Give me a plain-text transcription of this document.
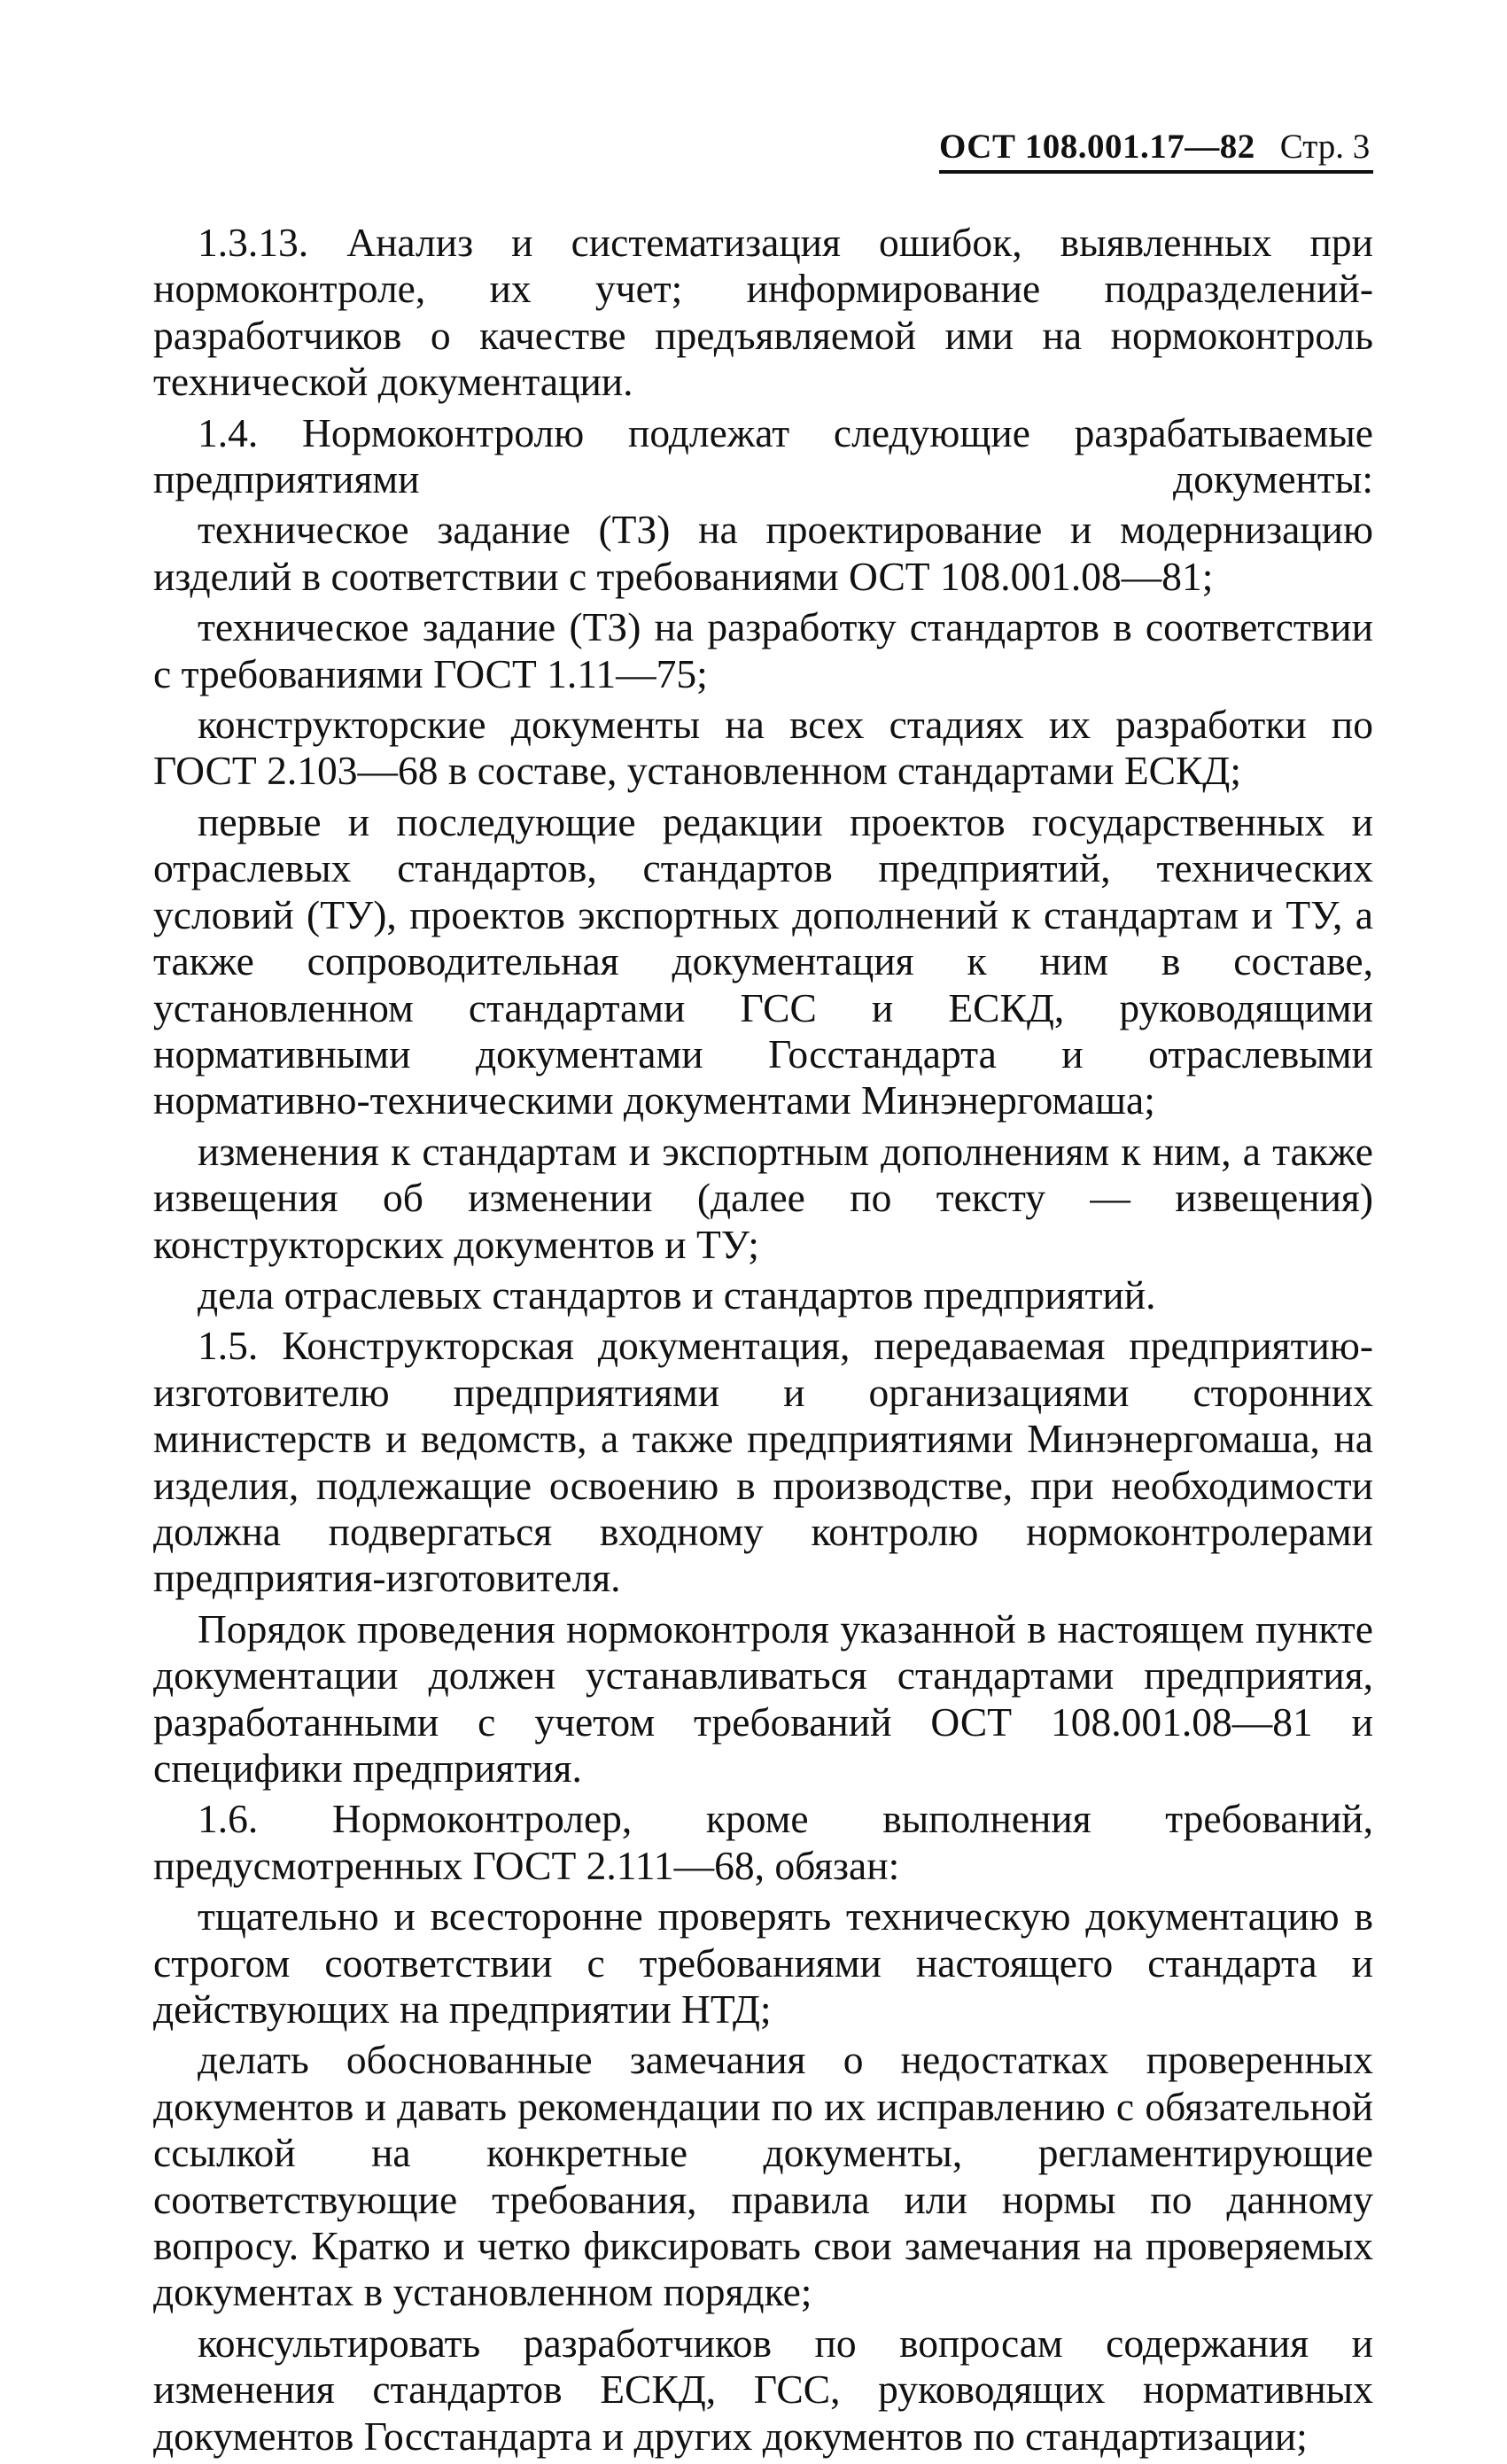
ОСТ 108.001.17—82 Стр. 3

1.3.13. Анализ и систематизация ошибок, выявленных при нормоконтроле, их учет; информирование подразделений-разработчиков о качестве предъявляемой ими на нормоконтроль технической документации.

1.4. Нормоконтролю подлежат следующие разрабатываемые предприятиями документы:

техническое задание (ТЗ) на проектирование и модернизацию изделий в соответствии с требованиями ОСТ 108.001.08—81;

техническое задание (ТЗ) на разработку стандартов в соответствии с требованиями ГОСТ 1.11—75;

конструкторские документы на всех стадиях их разработки по ГОСТ 2.103—68 в составе, установленном стандартами ЕСКД;

первые и последующие редакции проектов государственных и отраслевых стандартов, стандартов предприятий, технических условий (ТУ), проектов экспортных дополнений к стандартам и ТУ, а также сопроводительная документация к ним в составе, установленном стандартами ГСС и ЕСКД, руководящими нормативными документами Госстандарта и отраслевыми нормативно-техническими документами Минэнергомаша;

изменения к стандартам и экспортным дополнениям к ним, а также извещения об изменении (далее по тексту — извещения) конструкторских документов и ТУ;

дела отраслевых стандартов и стандартов предприятий.

1.5. Конструкторская документация, передаваемая предприятию-изготовителю предприятиями и организациями сторонних министерств и ведомств, а также предприятиями Минэнергомаша, на изделия, подлежащие освоению в производстве, при необходимости должна подвергаться входному контролю нормоконтролерами предприятия-изготовителя.

Порядок проведения нормоконтроля указанной в настоящем пункте документации должен устанавливаться стандартами предприятия, разработанными с учетом требований ОСТ 108.001.08—81 и специфики предприятия.

1.6. Нормоконтролер, кроме выполнения требований, предусмотренных ГОСТ 2.111—68, обязан:

тщательно и всесторонне проверять техническую документацию в строгом соответствии с требованиями настоящего стандарта и действующих на предприятии НТД;

делать обоснованные замечания о недостатках проверенных документов и давать рекомендации по их исправлению с обязательной ссылкой на конкретные документы, регламентирующие соответствующие требования, правила или нормы по данному вопросу. Кратко и четко фиксировать свои замечания на проверяемых документах в установленном порядке;

консультировать разработчиков по вопросам содержания и изменения стандартов ЕСКД, ГСС, руководящих нормативных документов Госстандарта и других документов по стандартизации;
